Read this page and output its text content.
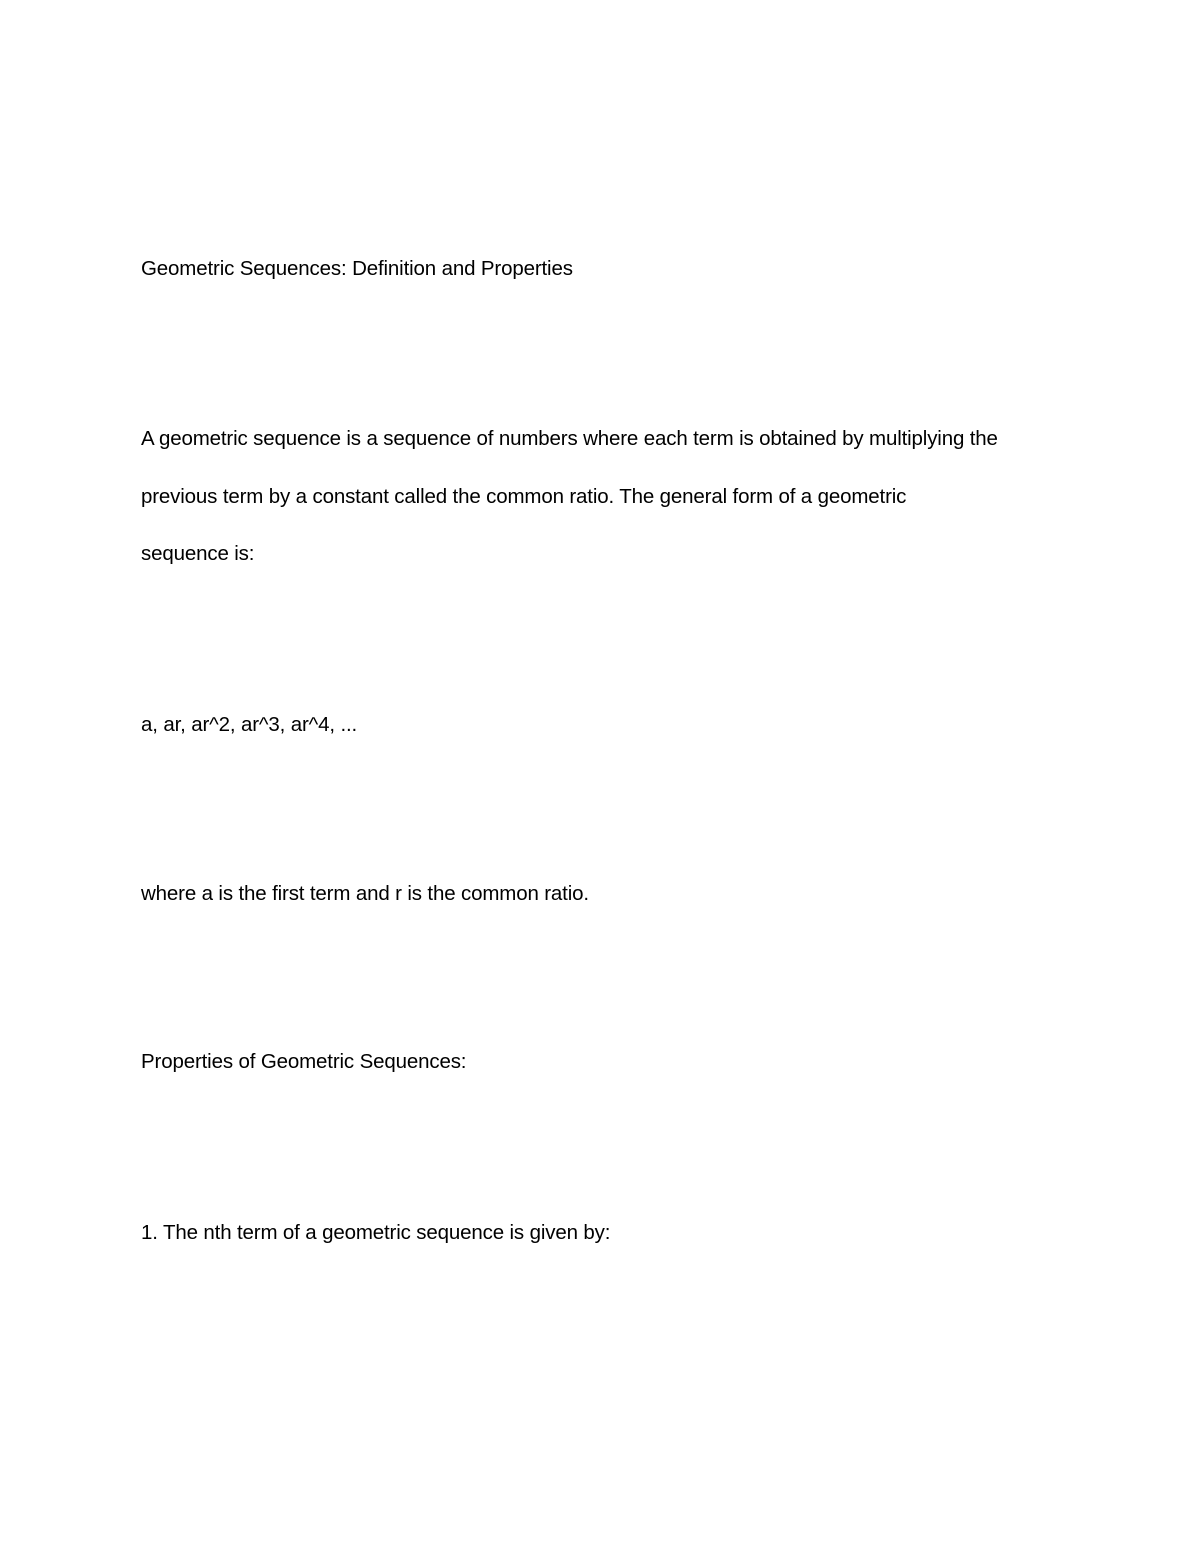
Geometric Sequences: Definition and Properties

A geometric sequence is a sequence of numbers where each term is obtained by multiplying the

previous term by a constant called the common ratio. The general form of a geometric

sequence is:

a, ar, ar^2, ar^3, ar^4, ...

where a is the first term and r is the common ratio.

Properties of Geometric Sequences:

1. The nth term of a geometric sequence is given by:
